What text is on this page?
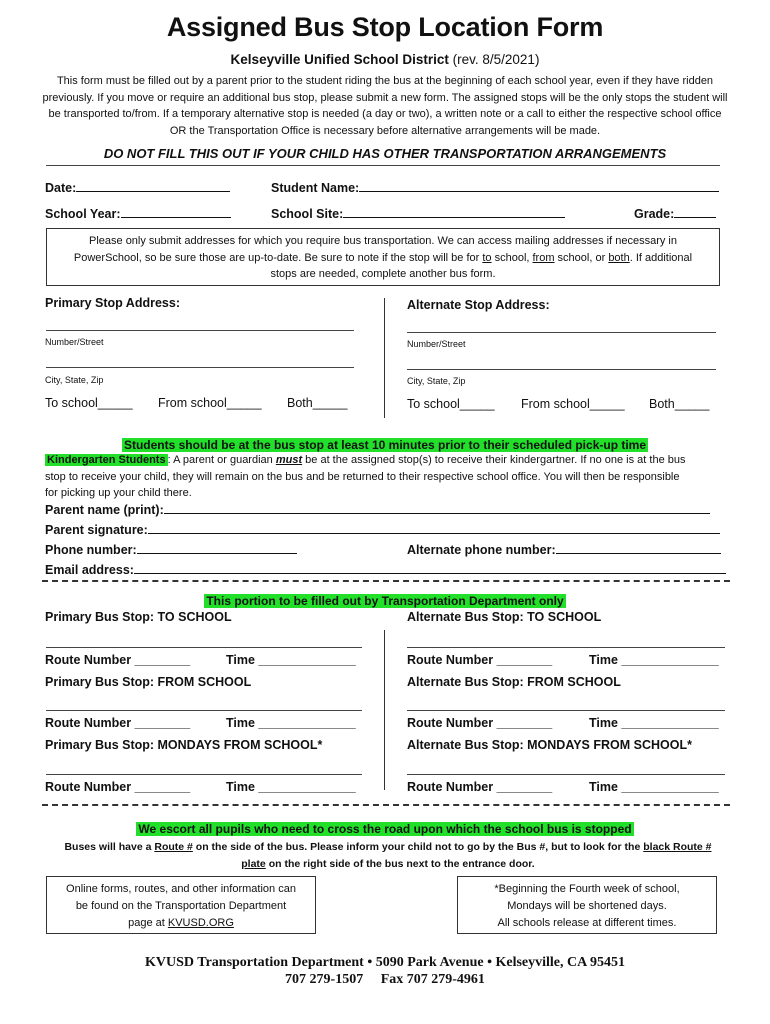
Assigned Bus Stop Location Form
Kelseyville Unified School District (rev. 8/5/2021)
This form must be filled out by a parent prior to the student riding the bus at the beginning of each school year, even if they have ridden previously. If you move or require an additional bus stop, please submit a new form. The assigned stops will be the only stops the student will be transported to/from. If a temporary alternative stop is needed (a day or two), a written note or a call to either the respective school office OR the Transportation Office is necessary before alternative arrangements will be made.
DO NOT FILL THIS OUT IF YOUR CHILD HAS OTHER TRANSPORTATION ARRANGEMENTS
Date:	Student Name:
School Year:	School Site:	Grade:
Please only submit addresses for which you require bus transportation. We can access mailing addresses if necessary in
PowerSchool, so be sure those are up-to-date. Be sure to note if the stop will be for to school, from school, or both. If additional
stops are needed, complete another bus form.
Primary Stop Address:	Alternate Stop Address:
Number/Street
City, State, Zip
Number/Street
City, State, Zip
To school_____ From school_____ Both_____	To school_____ From school_____ Both_____
Students should be at the bus stop at least 10 minutes prior to their scheduled pick-up time
Kindergarten Students : A parent or guardian must be at the assigned stop(s) to receive their kindergartner. If no one is at the bus
stop to receive your child, they will remain on the bus and be returned to their respective school office. You will then be responsible
for picking up your child there.
Parent name (print):
Parent signature:
Phone number:	Alternate phone number:
Email address:
This portion to be filled out by Transportation Department only
Primary Bus Stop: TO SCHOOL	Alternate Bus Stop: TO SCHOOL
Route Number ________	Time ______________	Route Number ________	Time ______________
Primary Bus Stop: FROM SCHOOL	Alternate Bus Stop: FROM SCHOOL
Route Number ________	Time ______________	Route Number ________	Time ______________
Primary Bus Stop: MONDAYS FROM SCHOOL*	Alternate Bus Stop: MONDAYS FROM SCHOOL*
Route Number ________	Time ______________	Route Number ________	Time ______________
We escort all pupils who need to cross the road upon which the school bus is stopped
Buses will have a Route # on the side of the bus. Please inform your child not to go by the Bus #, but to look for the black Route #
plate on the right side of the bus next to the entrance door.
Online forms, routes, and other information can
be found on the Transportation Department
page at KVUSD.ORG
*Beginning the Fourth week of school,
Mondays will be shortened days.
All schools release at different times.
KVUSD Transportation Department • 5090 Park Avenue • Kelseyville, CA 95451
707 279-1507     Fax 707 279-4961
